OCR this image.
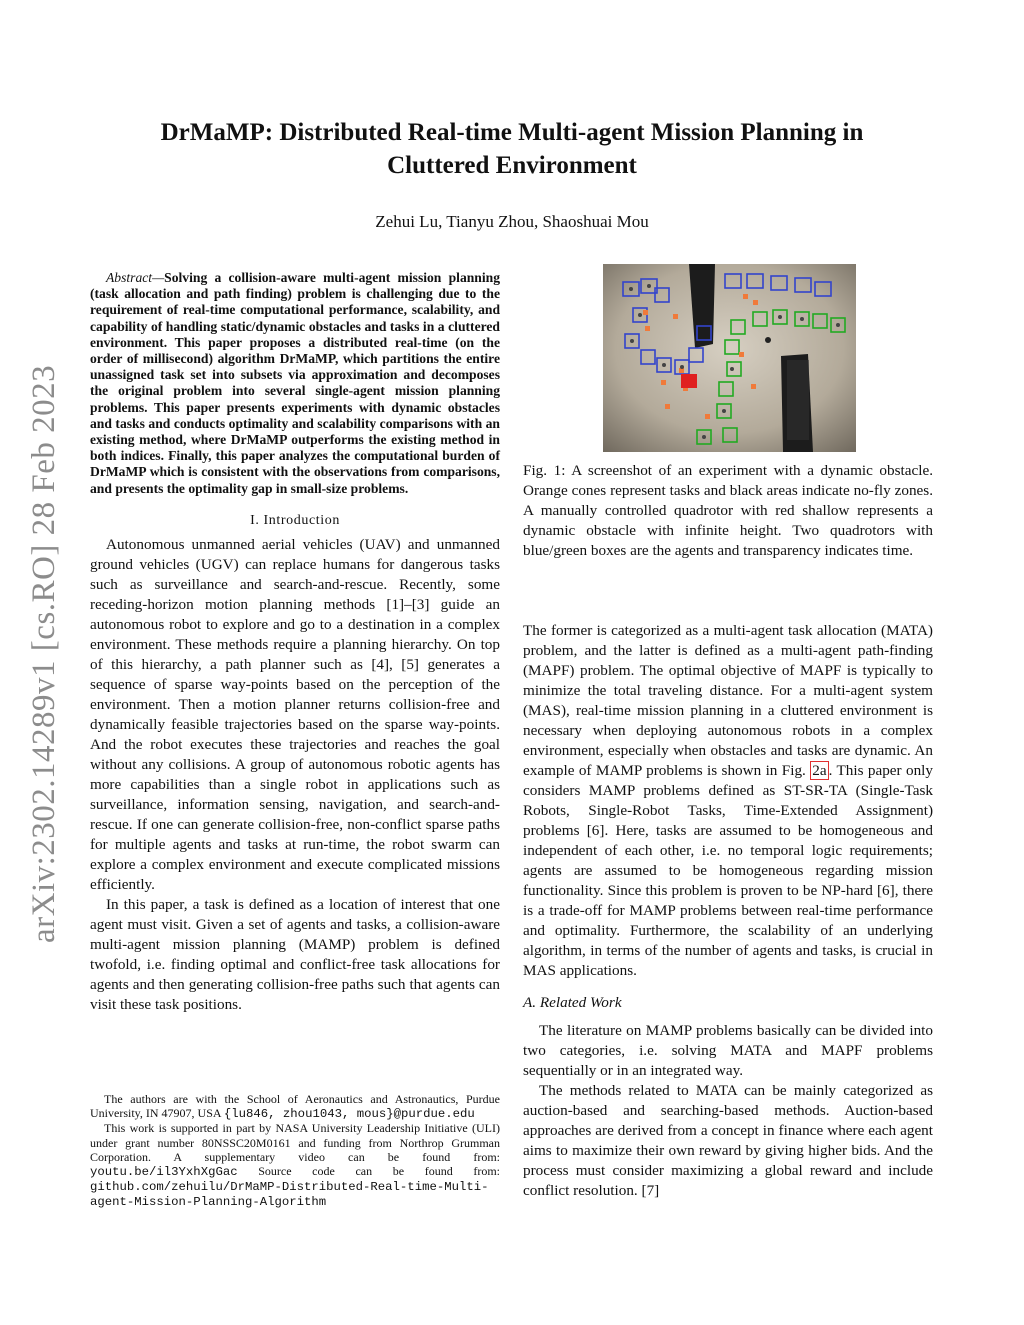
arXiv:2302.14289v1 [cs.RO] 28 Feb 2023
DrMaMP: Distributed Real-time Multi-agent Mission Planning in
Cluttered Environment
Zehui Lu, Tianyu Zhou, Shaoshuai Mou

Fig. 1: A screenshot of an experiment with a dynamic obstacle. Orange cones represent tasks and black areas indicate no-fly zones. A manually controlled quadrotor with red shallow represents a dynamic obstacle with infinite height. Two quadrotors with blue/green boxes are the agents and transparency indicates time.

Abstract—Solving a collision-aware multi-agent mission planning (task allocation and path finding) problem is challenging due to the requirement of real-time computational performance, scalability, and capability of handling static/dynamic obstacles and tasks in a cluttered environment. This paper proposes a distributed real-time (on the order of millisecond) algorithm DrMaMP, which partitions the entire unassigned task set into subsets via approximation and decomposes the original problem into several single-agent mission planning problems. This paper presents experiments with dynamic obstacles and tasks and conducts optimality and scalability comparisons with an existing method, where DrMaMP outperforms the existing method in both indices. Finally, this paper analyzes the computational burden of DrMaMP which is consistent with the observations from comparisons, and presents the optimality gap in small-size problems.

I. Introduction

Autonomous unmanned aerial vehicles (UAV) and unmanned ground vehicles (UGV) can replace humans for dangerous tasks such as surveillance and search-and-rescue. Recently, some receding-horizon motion planning methods [1]–[3] guide an autonomous robot to explore and go to a destination in a complex environment. These methods require a planning hierarchy. On top of this hierarchy, a path planner such as [4], [5] generates a sequence of sparse way-points based on the perception of the environment. Then a motion planner returns collision-free and dynamically feasible trajectories based on the sparse way-points. And the robot executes these trajectories and reaches the goal without any collisions. A group of autonomous robotic agents has more capabilities than a single robot in applications such as surveillance, information sensing, navigation, and search-and-rescue. If one can generate collision-free, non-conflict sparse paths for multiple agents and tasks at run-time, the robot swarm can explore a complex environment and execute complicated missions efficiently.

In this paper, a task is defined as a location of interest that one agent must visit. Given a set of agents and tasks, a collision-aware multi-agent mission planning (MAMP) problem is defined twofold, i.e. finding optimal and conflict-free task allocations for agents and then generating collision-free paths such that agents can visit these task positions.

The authors are with the School of Aeronautics and Astronautics, Purdue University, IN 47907, USA {lu846, zhou1043, mous}@purdue.edu

This work is supported in part by NASA University Leadership Initiative (ULI) under grant number 80NSSC20M0161 and funding from Northrop Grumman Corporation. A supplementary video can be found from: youtu.be/il3YxhXgGac Source code can be found from: github.com/zehuilu/DrMaMP-Distributed-Real-time-Multi-agent-Mission-Planning-Algorithm

The former is categorized as a multi-agent task allocation (MATA) problem, and the latter is defined as a multi-agent path-finding (MAPF) problem. The optimal objective of MAPF is typically to minimize the total traveling distance. For a multi-agent system (MAS), real-time mission planning in a cluttered environment is necessary when deploying autonomous robots in a complex environment, especially when obstacles and tasks are dynamic. An example of MAMP problems is shown in Fig. 2a . This paper only considers MAMP problems defined as ST-SR-TA (Single-Task Robots, Single-Robot Tasks, Time-Extended Assignment) problems [6]. Here, tasks are assumed to be homogeneous and independent of each other, i.e. no temporal logic requirements; agents are assumed to be homogeneous regarding mission functionality. Since this problem is proven to be NP-hard [6], there is a trade-off for MAMP problems between real-time performance and optimality. Furthermore, the scalability of an underlying algorithm, in terms of the number of agents and tasks, is crucial in MAS applications.

A. Related Work

The literature on MAMP problems basically can be divided into two categories, i.e. solving MATA and MAPF problems sequentially or in an integrated way.

The methods related to MATA can be mainly categorized as auction-based and searching-based methods. Auction-based approaches are derived from a concept in finance where each agent aims to maximize their own reward by giving higher bids. And the process must consider maximizing a global reward and include conflict resolution. [7]
